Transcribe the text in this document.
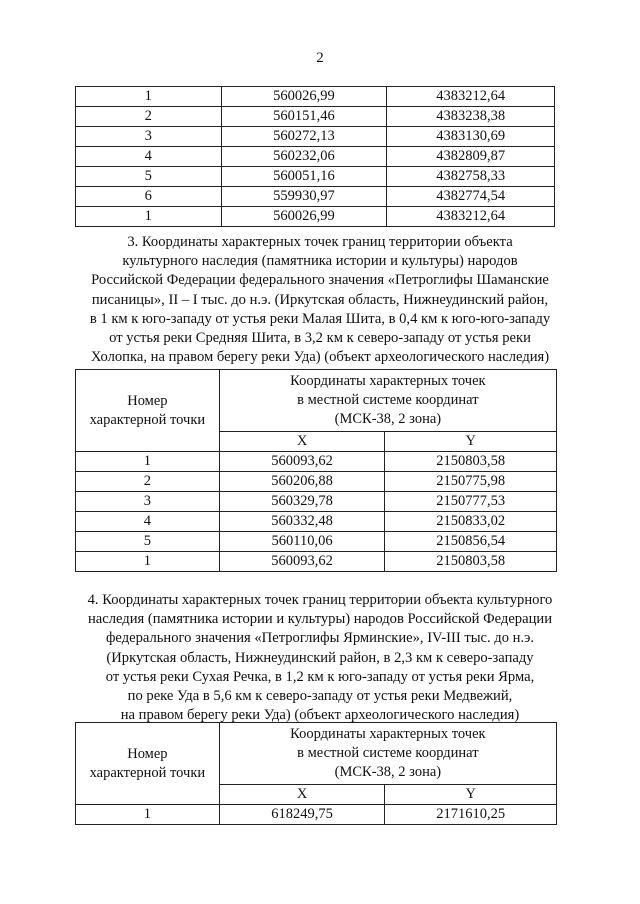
2
1	560026,99	4383212,64
2	560151,46	4383238,38
3	560272,13	4383130,69
4	560232,06	4382809,87
5	560051,16	4382758,33
6	559930,97	4382774,54
1	560026,99	4383212,64
3. Координаты характерных точек границ территории объекта
культурного наследия (памятника истории и культуры) народов
Российской Федерации федерального значения «Петроглифы Шаманские
писаницы», II – I тыс. до н.э. (Иркутская область, Нижнеудинский район,
в 1 км к юго-западу от устья реки Малая Шита, в 0,4 км к юго-юго-западу
от устья реки Средняя Шита, в 3,2 км к северо-западу от устья реки
Холопка, на правом берегу реки Уда) (объект археологического наследия)
Номер
характерной точки	Координаты характерных точек
в местной системе координат
(МСК-38, 2 зона)	

	X	Y
1	560093,62	2150803,58
2	560206,88	2150775,98
3	560329,78	2150777,53
4	560332,48	2150833,02
5	560110,06	2150856,54
1	560093,62	2150803,58
4. Координаты характерных точек границ территории объекта культурного
наследия (памятника истории и культуры) народов Российской Федерации
федерального значения «Петроглифы Ярминские», IV-III тыс. до н.э.
(Иркутская область, Нижнеудинский район, в 2,3 км к северо-западу
от устья реки Сухая Речка, в 1,2 км к юго-западу от устья реки Ярма,
по реке Уда в 5,6 км к северо-западу от устья реки Медвежий,
на правом берегу реки Уда) (объект археологического наследия)
Номер
характерной точки	Координаты характерных точек
в местной системе координат
(МСК-38, 2 зона)	

	X	Y
1	618249,75	2171610,25
